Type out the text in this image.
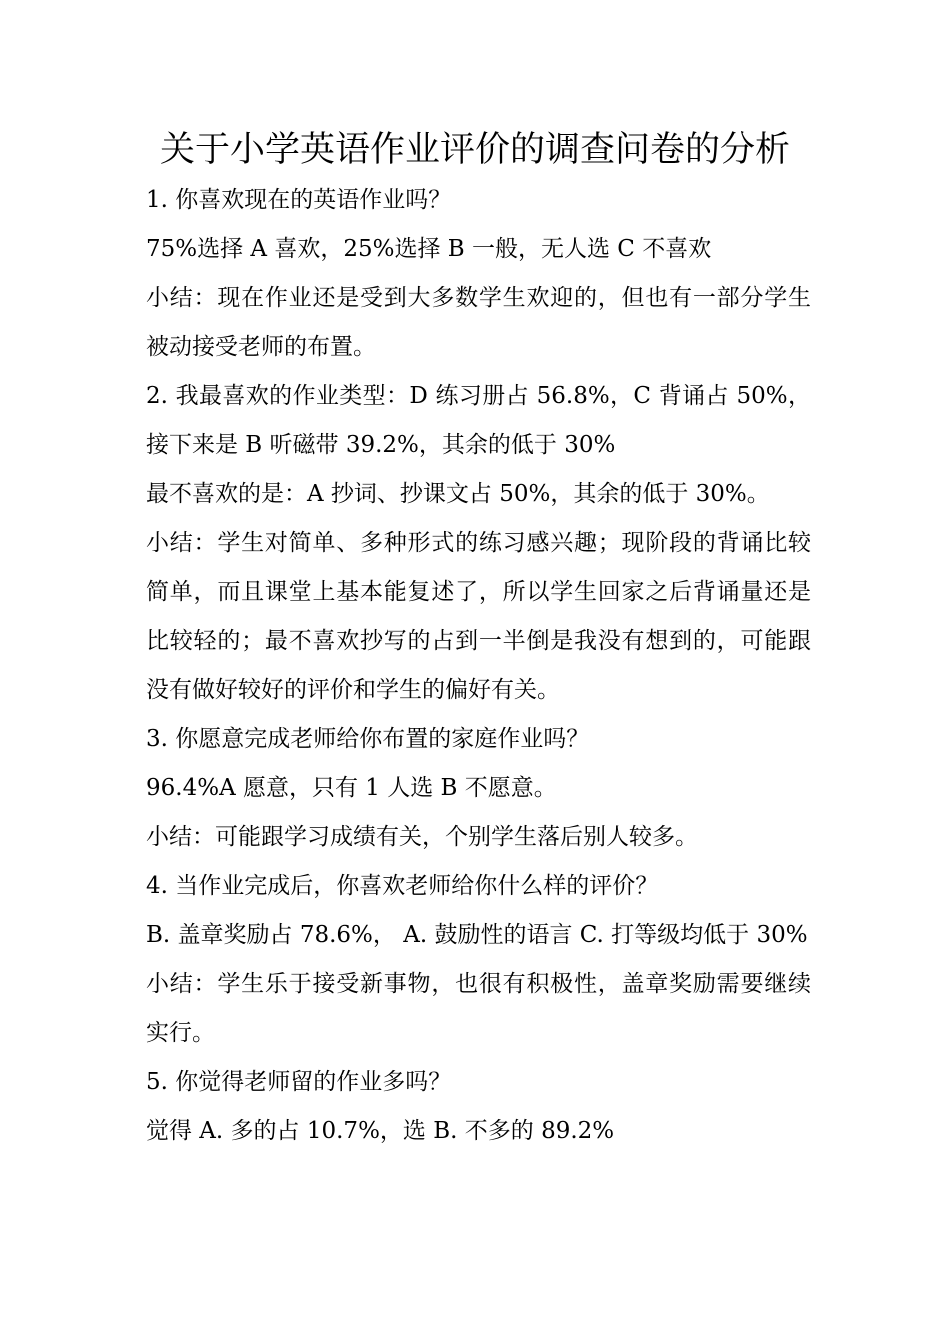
关于小学英语作业评价的调查问卷的分析

1. 你喜欢现在的英语作业吗？

75%选择 A 喜欢，25%选择 B 一般，无人选 C 不喜欢

小结：现在作业还是受到大多数学生欢迎的，但也有一部分学生被动接受老师的布置。

2. 我最喜欢的作业类型：D 练习册占 56.8%，C 背诵占 50%，接下来是 B 听磁带 39.2%，其余的低于 30%

最不喜欢的是：A 抄词、抄课文占 50%，其余的低于 30%。

小结：学生对简单、多种形式的练习感兴趣；现阶段的背诵比较简单，而且课堂上基本能复述了，所以学生回家之后背诵量还是比较轻的；最不喜欢抄写的占到一半倒是我没有想到的，可能跟没有做好较好的评价和学生的偏好有关。

3. 你愿意完成老师给你布置的家庭作业吗？

96.4%A 愿意，只有 1 人选 B 不愿意。

小结：可能跟学习成绩有关，个别学生落后别人较多。

4. 当作业完成后，你喜欢老师给你什么样的评价？

B. 盖章奖励占 78.6%， A. 鼓励性的语言 C. 打等级均低于 30%

小结：学生乐于接受新事物，也很有积极性，盖章奖励需要继续实行。

5. 你觉得老师留的作业多吗？

觉得 A. 多的占 10.7%，选 B. 不多的 89.2%
